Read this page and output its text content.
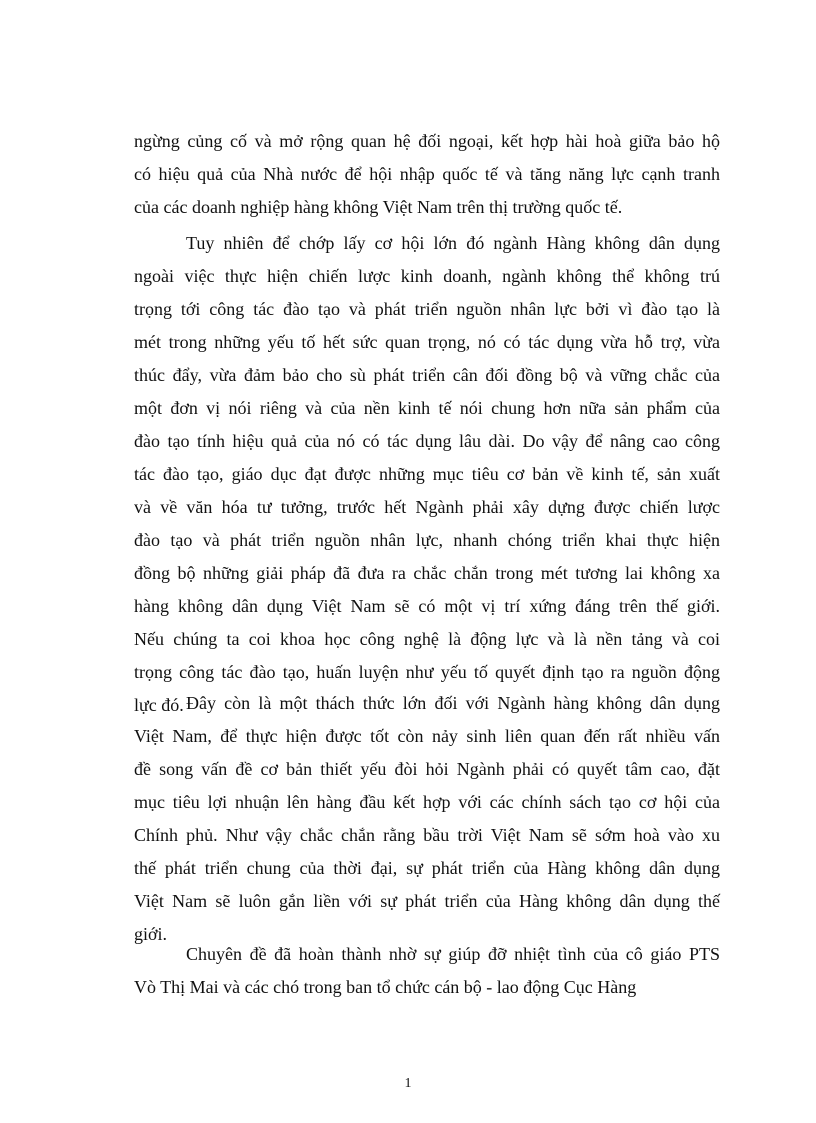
ngừng củng cố và mở rộng quan hệ đối ngoại, kết hợp hài hoà giữa bảo hộ
có hiệu quả của Nhà nước để hội nhập quốc tế và tăng năng lực cạnh tranh
của các doanh nghiệp hàng không Việt Nam trên thị trường quốc tế.
Tuy nhiên để chớp lấy cơ hội lớn đó ngành Hàng không dân dụng
ngoài việc thực hiện chiến lược kinh doanh, ngành không thể không trú
trọng tới công tác đào tạo và phát triển nguồn nhân lực bởi vì đào tạo là
mét trong những yếu tố hết sức quan trọng, nó có tác dụng vừa hỗ trợ, vừa
thúc đẩy, vừa đảm bảo cho sù phát triển cân đối đồng bộ và vững chắc của
một đơn vị nói riêng và của nền kinh tế nói chung hơn nữa sản phẩm của
đào tạo tính hiệu quả của nó có tác dụng lâu dài. Do vậy để nâng cao công
tác đào tạo, giáo dục đạt được những mục tiêu cơ bản về kinh tế, sản xuất
và về văn hóa tư tưởng, trước hết Ngành phải xây dựng được chiến lược
đào tạo và phát triển nguồn nhân lực, nhanh chóng triển khai thực hiện
đồng bộ những giải pháp đã đưa ra chắc chắn trong mét tương lai không xa
hàng không dân dụng Việt Nam sẽ có một vị trí xứng đáng trên thế giới.
Nếu chúng ta coi khoa học công nghệ là động lực và là nền tảng và coi
trọng công tác đào tạo, huấn luyện như yếu tố quyết định tạo ra nguồn động
lực đó. Đây còn là một thách thức lớn đối với Ngành hàng không dân dụng
Việt Nam, để thực hiện được tốt còn nảy sinh liên quan đến rất nhiều vấn
đề song vấn đề cơ bản thiết yếu đòi hỏi Ngành phải có quyết tâm cao, đặt
mục tiêu lợi nhuận lên hàng đầu kết hợp với các chính sách tạo cơ hội của
Chính phủ. Như vậy chắc chắn rằng bầu trời Việt Nam sẽ sớm hoà vào xu
thế phát triển chung của thời đại, sự phát triển của Hàng không dân dụng
Việt Nam sẽ luôn gắn liền với sự phát triển của Hàng không dân dụng thế
giới.
Chuyên đề đã hoàn thành nhờ sự giúp đỡ nhiệt tình của cô giáo PTS
Vò Thị Mai và các chó trong ban tổ chức cán bộ - lao động Cục Hàng
1
